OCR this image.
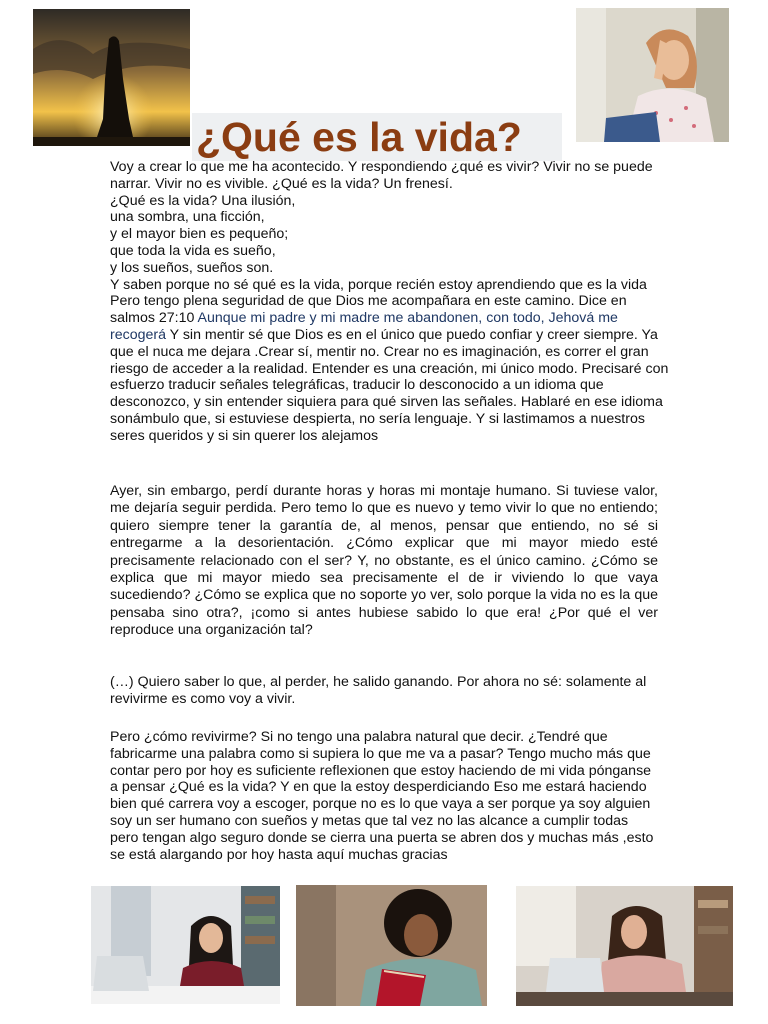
¿Qué es la vida?

Voy a crear lo que me ha acontecido. Y respondiendo ¿qué es vivir? Vivir no se puede narrar. Vivir no es vivible. ¿Qué es la vida? Un frenesí.

¿Qué es la vida? Una ilusión,

una sombra, una ficción,

y el mayor bien es pequeño;

que toda la vida es sueño,

y los sueños, sueños son.

Y saben porque no sé qué es la vida, porque recién estoy aprendiendo que es la vida Pero tengo plena seguridad de que Dios me acompañara en este camino. Dice en salmos 27:10 Aunque mi padre y mi madre me abandonen, con todo, Jehová me recogerá Y sin mentir sé que Dios es en el único que puedo confiar y creer siempre. Ya que el nuca me dejara .Crear sí, mentir no. Crear no es imaginación, es correr el gran riesgo de acceder a la realidad. Entender es una creación, mi único modo. Precisaré con esfuerzo traducir señales telegráficas, traducir lo desconocido a un idioma que desconozco, y sin entender siquiera para qué sirven las señales. Hablaré en ese idioma sonámbulo que, si estuviese despierta, no sería lenguaje. Y si lastimamos a nuestros seres queridos y si sin querer los alejamos

Ayer, sin embargo, perdí durante horas y horas mi montaje humano. Si tuviese valor, me dejaría seguir perdida. Pero temo lo que es nuevo y temo vivir lo que no entiendo; quiero siempre tener la garantía de, al menos, pensar que entiendo, no sé si entregarme a la desorientación. ¿Cómo explicar que mi mayor miedo esté precisamente relacionado con el ser? Y, no obstante, es el único camino. ¿Cómo se explica que mi mayor miedo sea precisamente el de ir viviendo lo que vaya sucediendo? ¿Cómo se explica que no soporte yo ver, solo porque la vida no es la que pensaba sino otra?, ¡como si antes hubiese sabido lo que era! ¿Por qué el ver reproduce una organización tal?

(…) Quiero saber lo que, al perder, he salido ganando. Por ahora no sé: solamente al revivirme es como voy a vivir.

Pero ¿cómo revivirme? Si no tengo una palabra natural que decir. ¿Tendré que fabricarme una palabra como si supiera lo que me va a pasar? Tengo mucho más que contar pero por hoy es suficiente reflexionen que estoy haciendo de mi vida pónganse a pensar ¿Qué es la vida? Y en que la estoy desperdiciando Eso me estará haciendo bien qué carrera voy a escoger, porque no es lo que vaya a ser porque ya soy alguien soy un ser humano con sueños y metas que tal vez no las alcance a cumplir todas pero tengan algo seguro donde se cierra una puerta se abren dos y muchas más ,esto se está alargando por hoy hasta aquí muchas gracias
